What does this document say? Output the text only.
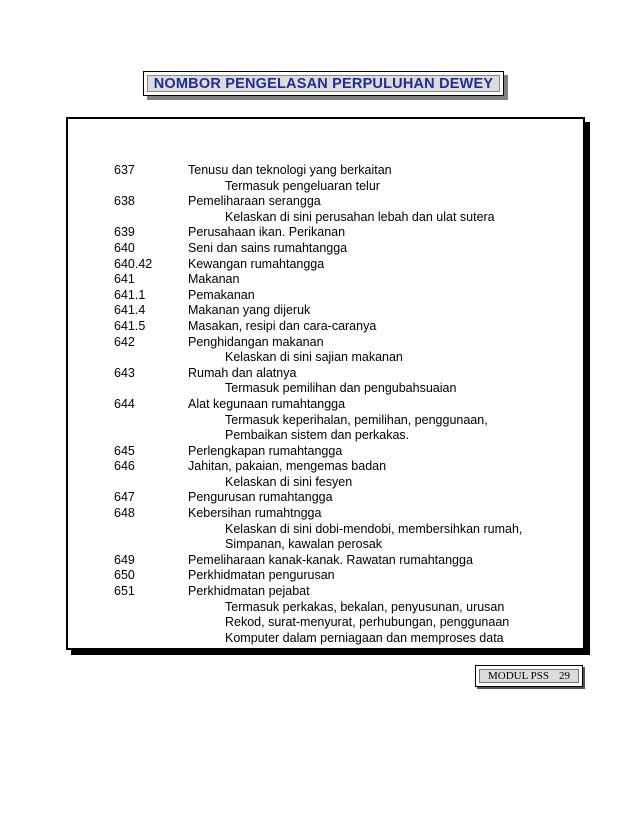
NOMBOR PENGELASAN PERPULUHAN DEWEY
637	Tenusu dan teknologi yang berkaitan
Termasuk pengeluaran telur
638	Pemeliharaan serangga
Kelaskan di sini perusahan lebah dan ulat sutera
639	Perusahaan ikan. Perikanan
640	Seni dan sains rumahtangga
640.42	Kewangan rumahtangga
641	Makanan
641.1	Pemakanan
641.4	Makanan yang dijeruk
641.5	Masakan, resipi dan cara-caranya
642	Penghidangan makanan
Kelaskan di sini sajian makanan
643	Rumah dan alatnya
Termasuk pemilihan dan pengubahsuaian
644	Alat kegunaan rumahtangga
Termasuk keperihalan, pemilihan, penggunaan,
Pembaikan sistem dan perkakas.
645	Perlengkapan rumahtangga
646	Jahitan, pakaian, mengemas badan
Kelaskan di sini fesyen
647	Pengurusan rumahtangga
648	Kebersihan rumahtngga
Kelaskan di sini dobi-mendobi, membersihkan rumah,
Simpanan, kawalan perosak
649	Pemeliharaan kanak-kanak. Rawatan rumahtangga
650	Perkhidmatan pengurusan
651	Perkhidmatan pejabat
Termasuk perkakas, bekalan, penyusunan, urusan
Rekod, surat-menyurat, perhubungan, penggunaan
Komputer dalam perniagaan dan memproses data
MODUL PSS 29
